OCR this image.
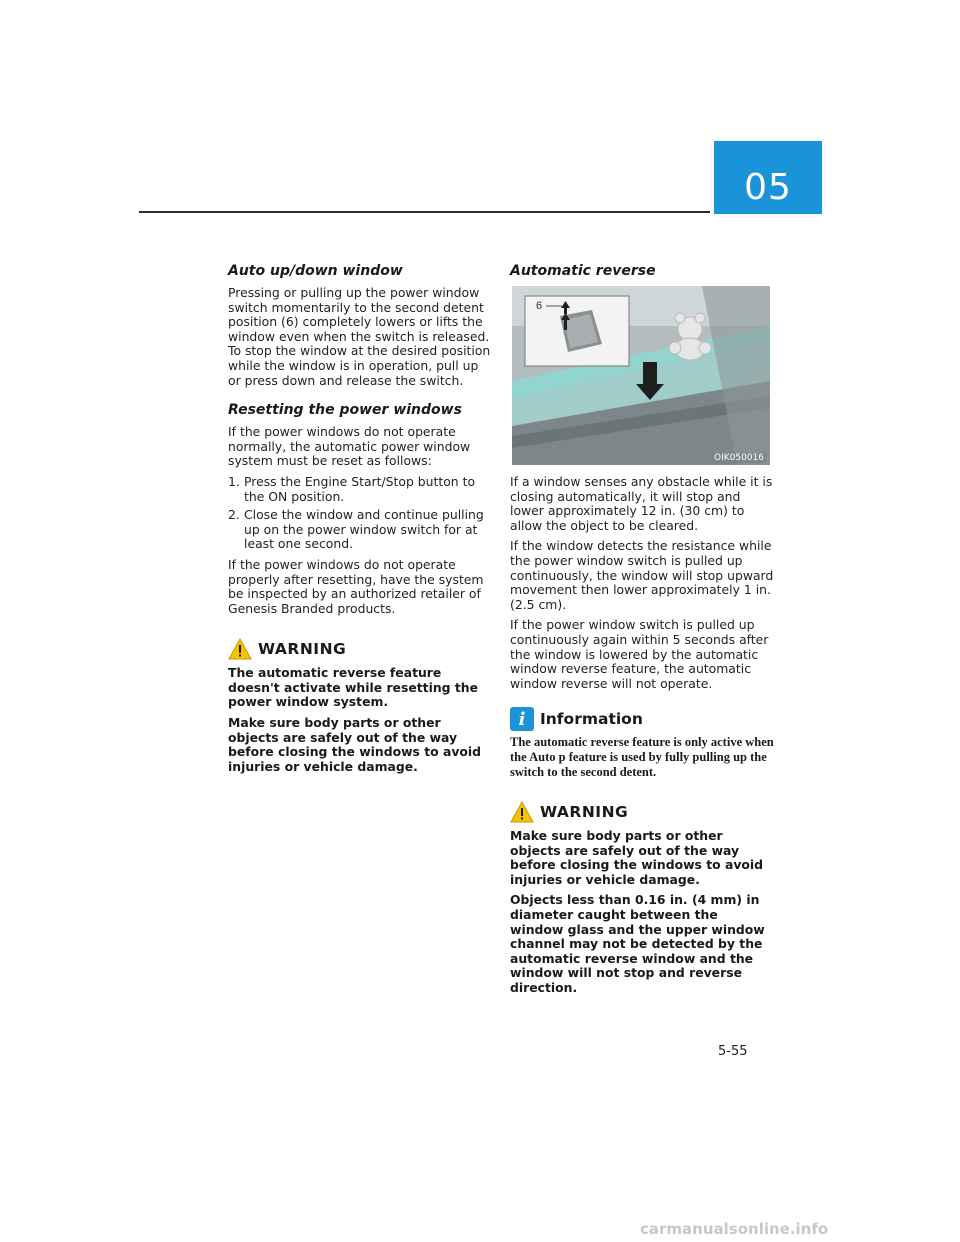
05
Auto up/down window

Pressing or pulling up the power window switch momentarily to the second detent position (6) completely lowers or lifts the window even when the switch is released. To stop the window at the desired position while the window is in operation, pull up or press down and release the switch.

Resetting the power windows

If the power windows do not operate normally, the automatic power window system must be reset as follows:

1. Press the Engine Start/Stop button to the ON position.
2. Close the window and continue pulling up on the power window switch for at least one second.

If the power windows do not operate properly after resetting, have the system be inspected by an authorized retailer of Genesis Branded products.

WARNING

The automatic reverse feature doesn't activate while resetting the power window system.

Make sure body parts or other objects are safely out of the way before closing the windows to avoid injuries or vehicle damage.

Automatic reverse
6
OIK050016

If a window senses any obstacle while it is closing automatically, it will stop and lower approximately 12 in. (30 cm) to allow the object to be cleared.

If the window detects the resistance while the power window switch is pulled up continuously, the window will stop upward movement then lower approximately 1 in. (2.5 cm).

If the power window switch is pulled up continuously again within 5 seconds after the window is lowered by the automatic window reverse feature, the automatic window reverse will not operate.

i Information

The automatic reverse feature is only active when the Auto p feature is used by fully pulling up the switch to the second detent.

WARNING

Make sure body parts or other objects are safely out of the way before closing the windows to avoid injuries or vehicle damage.

Objects less than 0.16 in. (4 mm) in diameter caught between the window glass and the upper window channel may not be detected by the automatic reverse window and the window will not stop and reverse direction.

5-55
carmanualsonline.info
